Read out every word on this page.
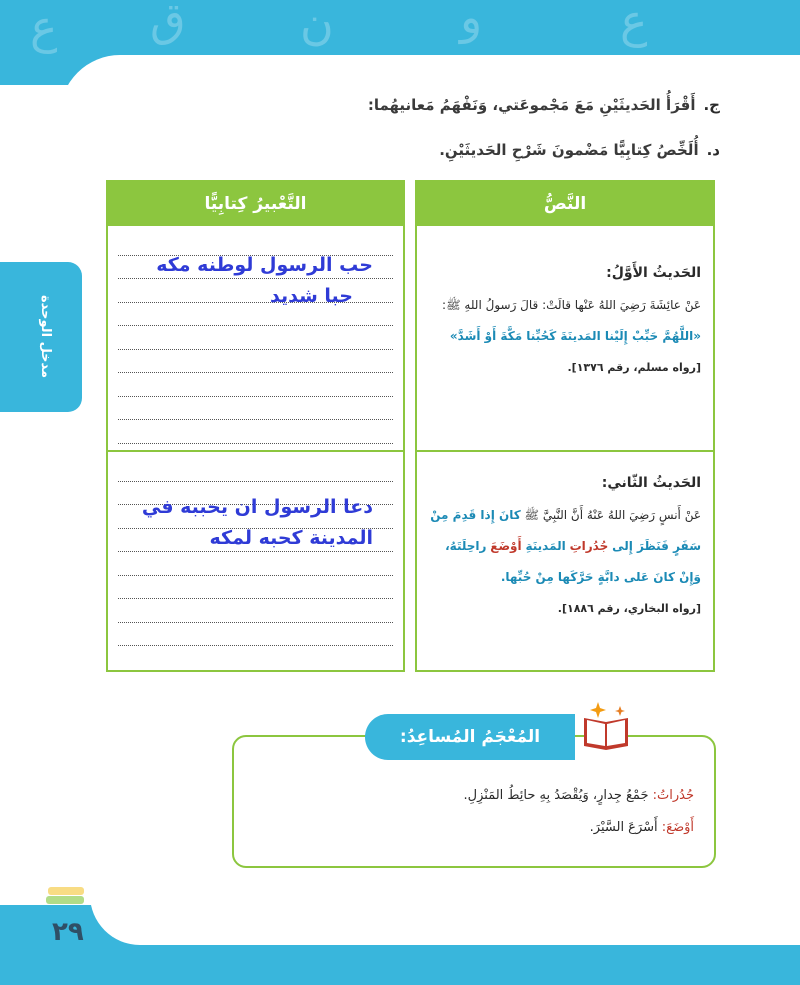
ع ق ن	و	ع
مدخل الوحدة
ج.أَقْرَأُ الحَديثَيْنِ مَعَ مَجْموعَتي، وَنَفْهَمُ مَعانيهُما:
د.أُلَخِّصُ كِتابِيًّا مَضْمونَ شَرْحِ الحَديثَيْنِ.
النَّصُّ
الحَديثُ الأَوَّلُ:
عَنْ عائِشَةَ رَضِيَ اللهُ عَنْها قالَتْ: قالَ رَسولُ اللهِ ﷺ: «اللَّهُمَّ حَبِّبْ إِلَيْنا المَدينَةَ كَحُبِّنا مَكَّةَ أَوْ أَشَدَّ» [رواه مسلم، رقم ١٣٧٦].
الحَديثُ الثّاني:
عَنْ أَنسٍ رَضِيَ اللهُ عَنْهُ أَنَّ النَّبِيَّ ﷺ كانَ إِذا قَدِمَ مِنْ سَفَرٍ فَنَظَرَ إِلى جُدُراتِ المَدينَةِ أَوْضَعَ راحِلَتَهُ، وَإِنْ كانَ عَلى دابَّةٍ حَرَّكَها مِنْ حُبِّها.
[رواه البخاري، رقم ١٨٨٦].
التَّعْبيرُ كِتابِيًّا
حب الرسول لوطنه مكه
حبا شديد
دعا الرسول ان يحببه في
المدينة كحبه لمكه
المُعْجَمُ المُساعِدُ:
جُدُراتُ: جَمْعُ جِدارٍ، وَيُقْصَدُ بِهِ حائِطُ المَنْزِلِ.
أَوْضَعَ: أَسْرَعَ السَّيْرَ.
٢٩
